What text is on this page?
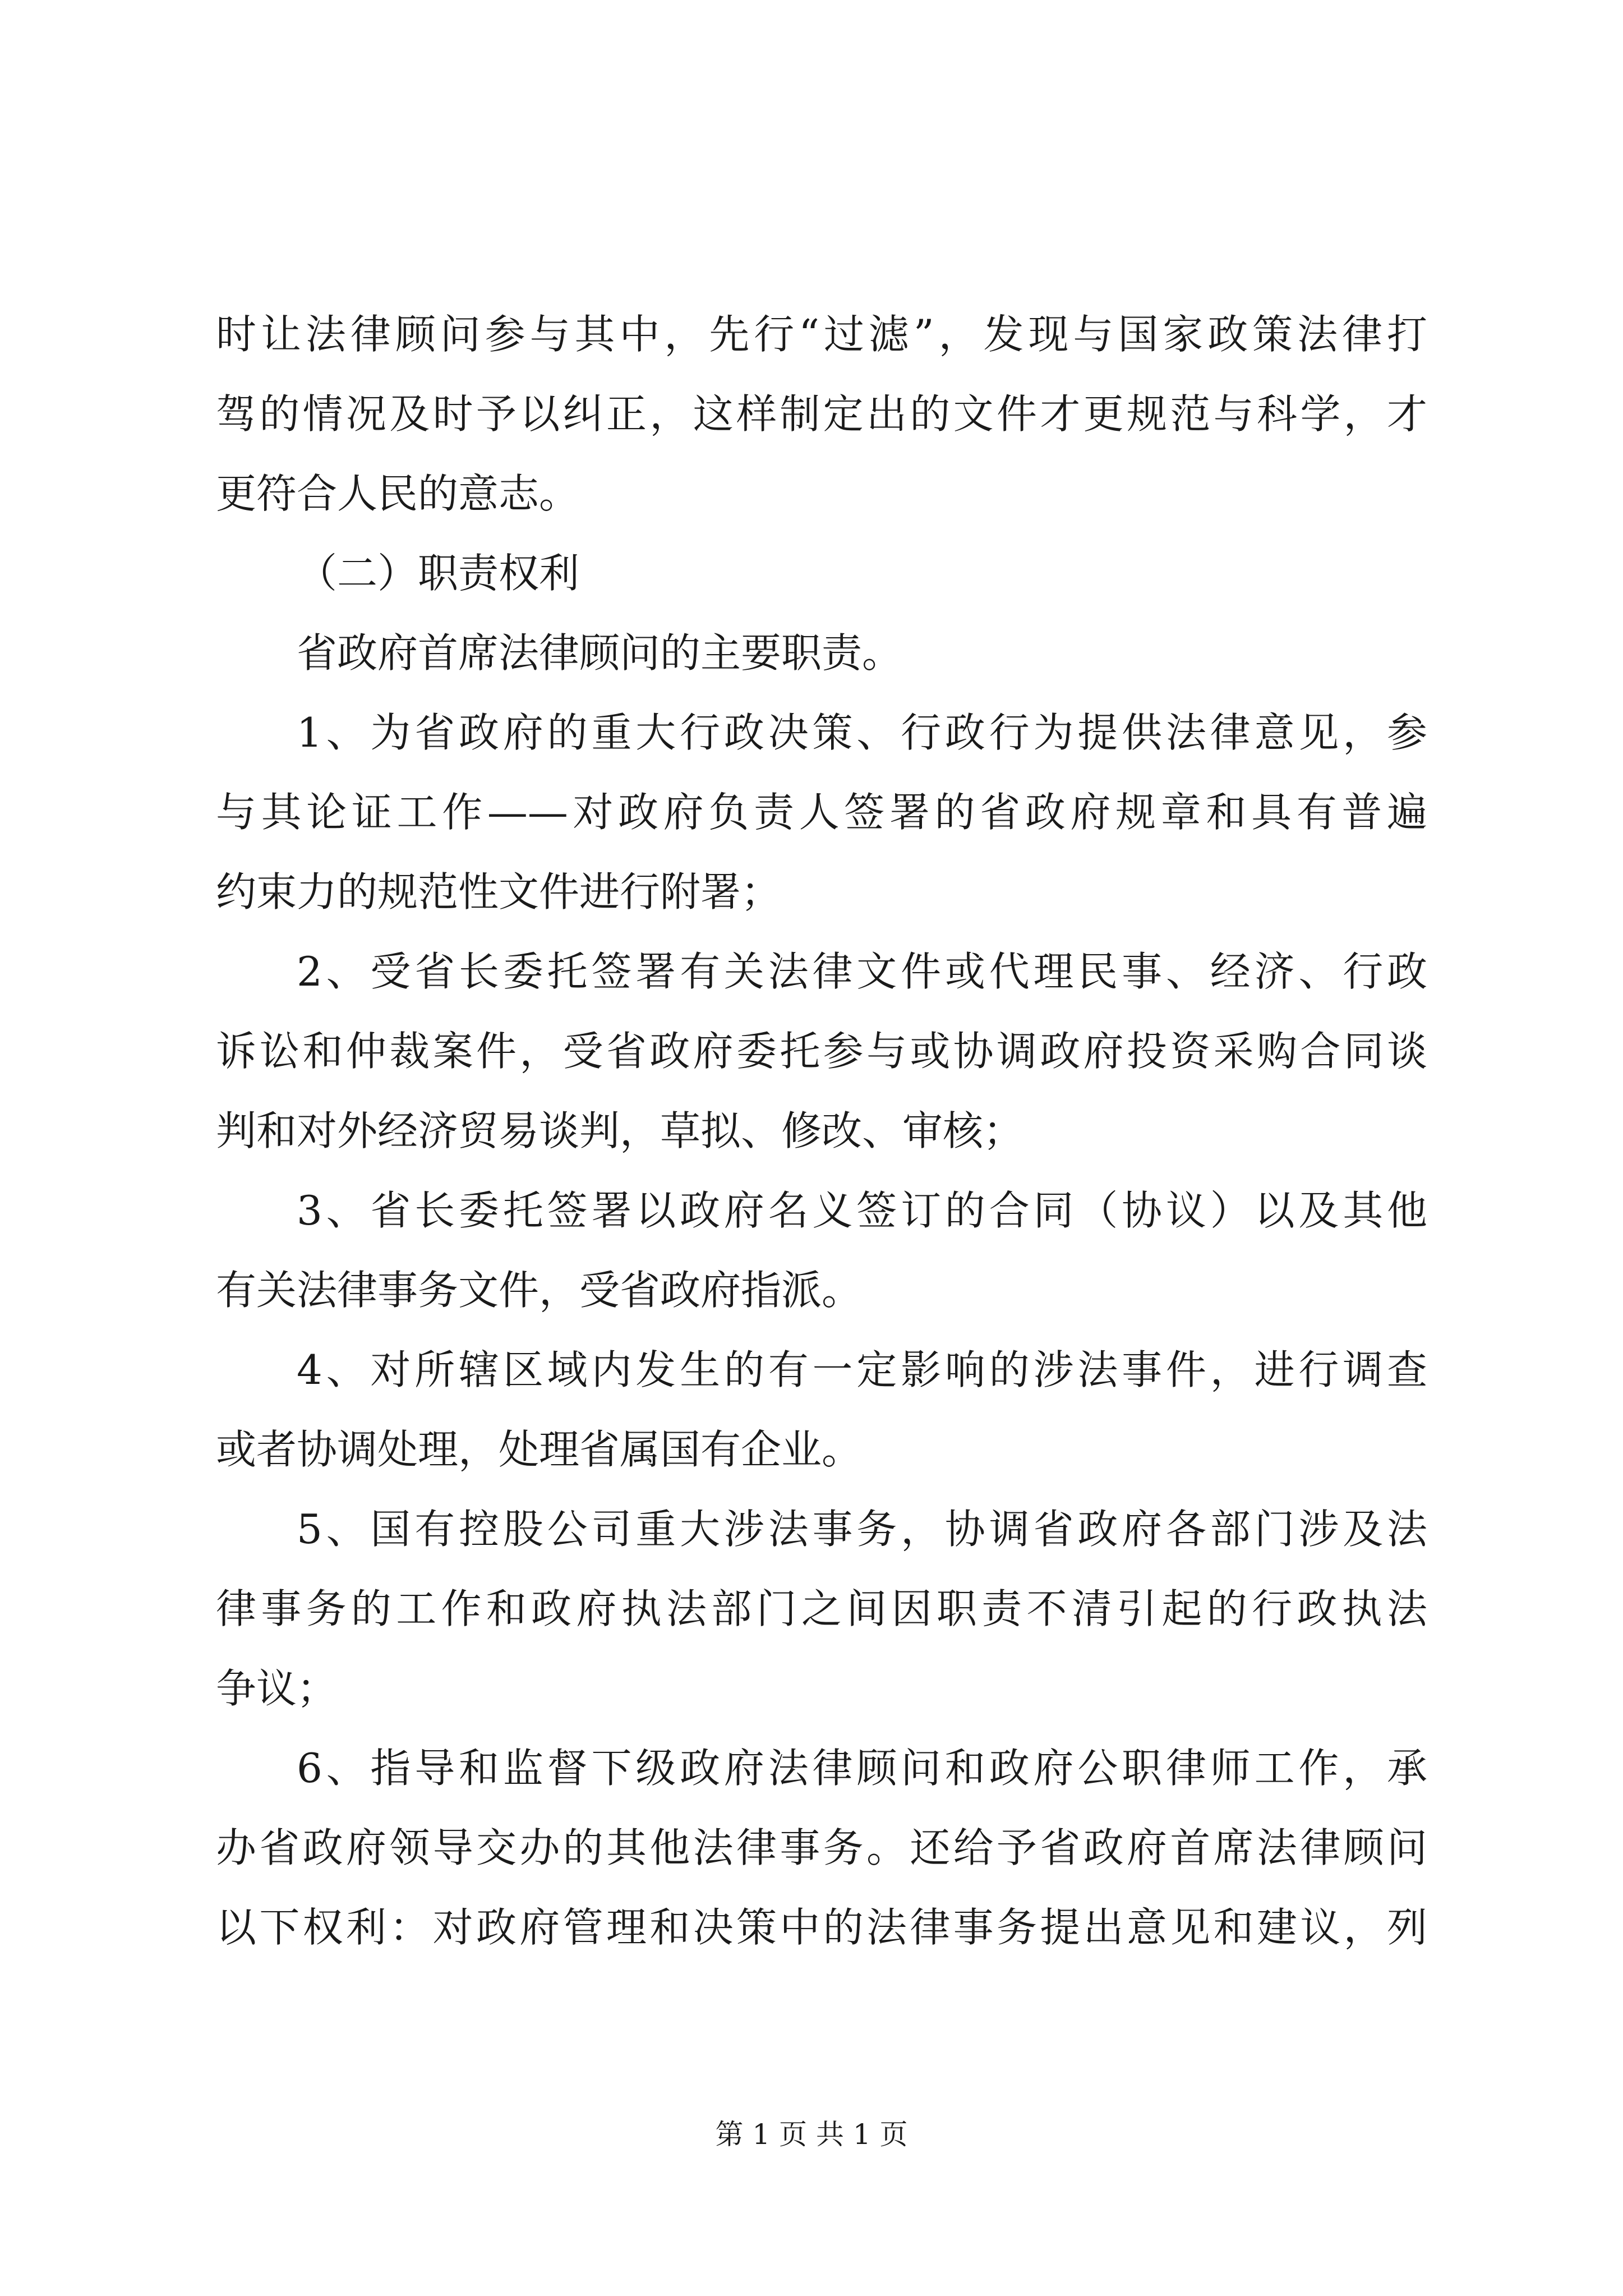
时让法律顾问参与其中，先行“过滤”，发现与国家政策法律打
驾的情况及时予以纠正，这样制定出的文件才更规范与科学，才
更符合人民的意志。
（二）职责权利
省政府首席法律顾问的主要职责。
1、为省政府的重大行政决策、行政行为提供法律意见，参
与其论证工作——对政府负责人签署的省政府规章和具有普遍
约束力的规范性文件进行附署；
2、受省长委托签署有关法律文件或代理民事、经济、行政
诉讼和仲裁案件，受省政府委托参与或协调政府投资采购合同谈
判和对外经济贸易谈判，草拟、修改、审核；
3、省长委托签署以政府名义签订的合同（协议）以及其他
有关法律事务文件，受省政府指派。
4、对所辖区域内发生的有一定影响的涉法事件，进行调查
或者协调处理，处理省属国有企业。
5、国有控股公司重大涉法事务，协调省政府各部门涉及法
律事务的工作和政府执法部门之间因职责不清引起的行政执法
争议；
6、指导和监督下级政府法律顾问和政府公职律师工作，承
办省政府领导交办的其他法律事务。还给予省政府首席法律顾问
以下权利：对政府管理和决策中的法律事务提出意见和建议，列
第 1 页 共 1 页
